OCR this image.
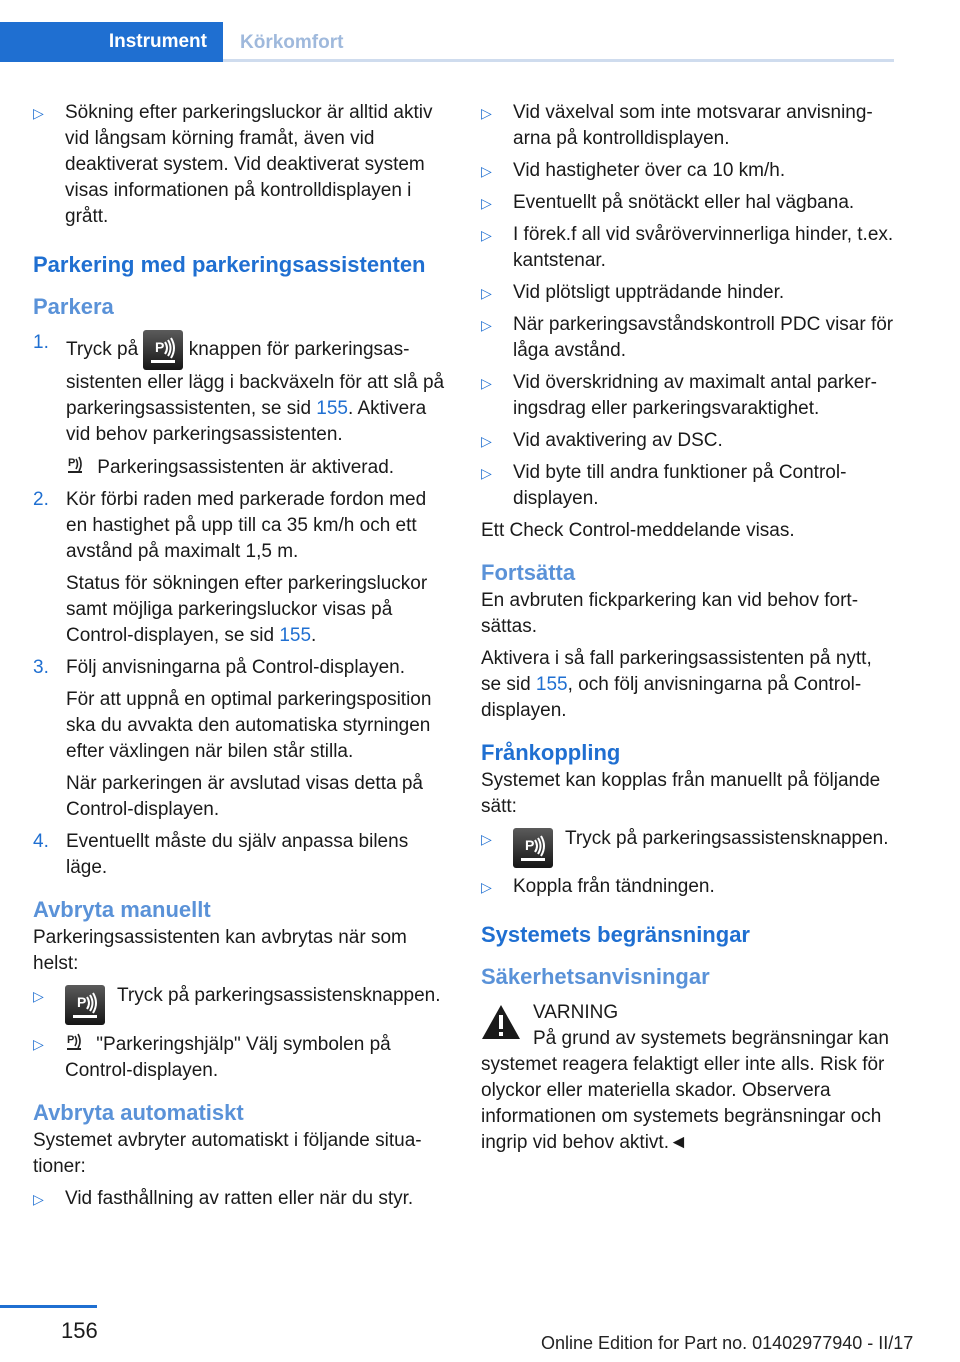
Instrument	Körkomfort
▷ Sökning efter parkeringsluckor är alltid aktiv vid långsam körning framåt, även vid deaktiverat system. Vid deaktiverat system visas informationen på kontrolldisplayen i grått.
Parkering med parkeringsassistenten
Parkera
1. Tryck på P knappen för parkeringsassistenten eller lägg i backväxeln för att slå på parkeringsassistenten, se sid 155. Aktivera vid behov parkeringsassistenten.
P Parkeringsassistenten är aktiverad.
2. Kör förbi raden med parkerade fordon med en hastighet på upp till ca 35 km/h och ett avstånd på maximalt 1,5 m.
Status för sökningen efter parkeringsluckor samt möjliga parkeringsluckor visas på Control-displayen, se sid 155.
3. Följ anvisningarna på Control-displayen.
För att uppnå en optimal parkeringsposition ska du avvakta den automatiska styrningen efter växlingen när bilen står stilla.
När parkeringen är avslutad visas detta på Control-displayen.
4. Eventuellt måste du själv anpassa bilens läge.
Avbryta manuellt

Parkeringsassistenten kan avbrytas när som helst:

▷ P Tryck på parkeringsassistensknappen.
▷ P "Parkeringshjälp" Välj symbolen på Control-displayen.
Avbryta automatiskt

Systemet avbryter automatiskt i följande situationer:

▷ Vid fasthållning av ratten eller när du styr.
▷ Vid växelval som inte motsvarar anvisningarna på kontrolldisplayen.
▷ Vid hastigheter över ca 10 km/h.
▷ Eventuellt på snötäckt eller hal vägbana.
▷ I förek.f all vid svårövervinnerliga hinder, t.ex. kantstenar.
▷ Vid plötsligt uppträdande hinder.
▷ När parkeringsavståndskontroll PDC visar för låga avstånd.
▷ Vid överskridning av maximalt antal parkeringsdrag eller parkeringsvaraktighet.
▷ Vid avaktivering av DSC.
▷ Vid byte till andra funktioner på Control-displayen.

Ett Check Control-meddelande visas.

Fortsätta

En avbruten fickparkering kan vid behov fortsättas.

Aktivera i så fall parkeringsassistenten på nytt, se sid 155, och följ anvisningarna på Control-displayen.

Frånkoppling

Systemet kan kopplas från manuellt på följande sätt:

▷ P Tryck på parkeringsassistensknappen.
▷ Koppla från tändningen.
Systemets begränsningar
Säkerhetsanvisningar
VARNING
På grund av systemets begränsningar kan systemet reagera felaktigt eller inte alls. Risk för olyckor eller materiella skador. Observera informationen om systemets begränsningar och ingrip vid behov aktivt.◄
156	Online Edition for Part no. 01402977940 - II/17
